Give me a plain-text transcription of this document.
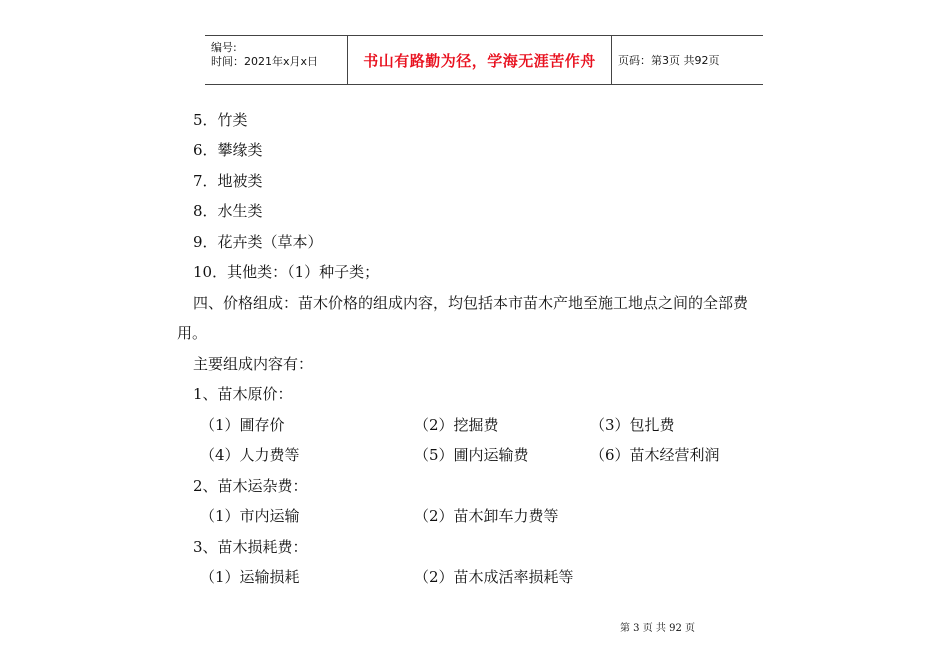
编号:
时间：2021年x月x日	书山有路勤为径，学海无涯苦作舟	页码：第3页 共92页
5．竹类
6．攀缘类
7．地被类
8．水生类
9．花卉类（草本）
10．其他类：（1）种子类；
四、价格组成：苗木价格的组成内容，均包括本市苗木产地至施工地点之间的全部费
用。
主要组成内容有：
1、苗木原价：
（1）圃存价	（2）挖掘费	（3）包扎费
（4）人力费等	（5）圃内运输费	（6）苗木经营利润
2、苗木运杂费：
（1）市内运输	（2）苗木卸车力费等
3、苗木损耗费：
（1）运输损耗	（2）苗木成活率损耗等
第 3 页 共 92 页
